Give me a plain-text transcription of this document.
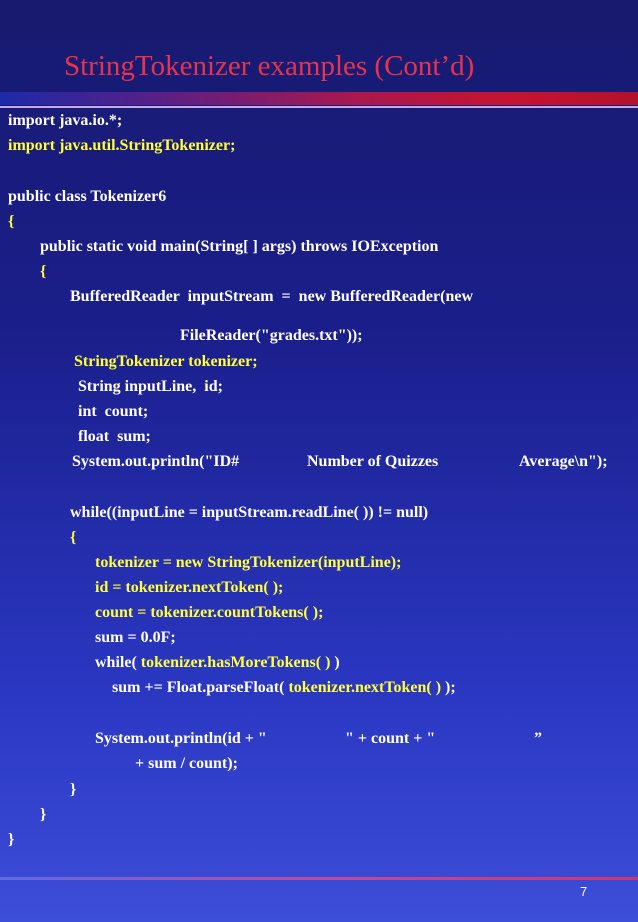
StringTokenizer examples (Cont’d)
import java.io.*;
import java.util.StringTokenizer;
public class Tokenizer6
{
public static void main(String[ ] args) throws IOException
{
BufferedReader  inputStream  =  new BufferedReader(new
FileReader("grades.txt"));
StringTokenizer tokenizer;
String inputLine,  id;
int  count;
float  sum;
System.out.println("ID#	Number of Quizzes	Average\n");
while((inputLine = inputStream.readLine( )) != null)
{
tokenizer = new StringTokenizer(inputLine);
id = tokenizer.nextToken( );
count = tokenizer.countTokens( );
sum = 0.0F;
while( tokenizer.hasMoreTokens( ) )
sum += Float.parseFloat( tokenizer.nextToken( ) );
System.out.println(id + "	" + count + "	”
+ sum / count);
}
}
}
7
